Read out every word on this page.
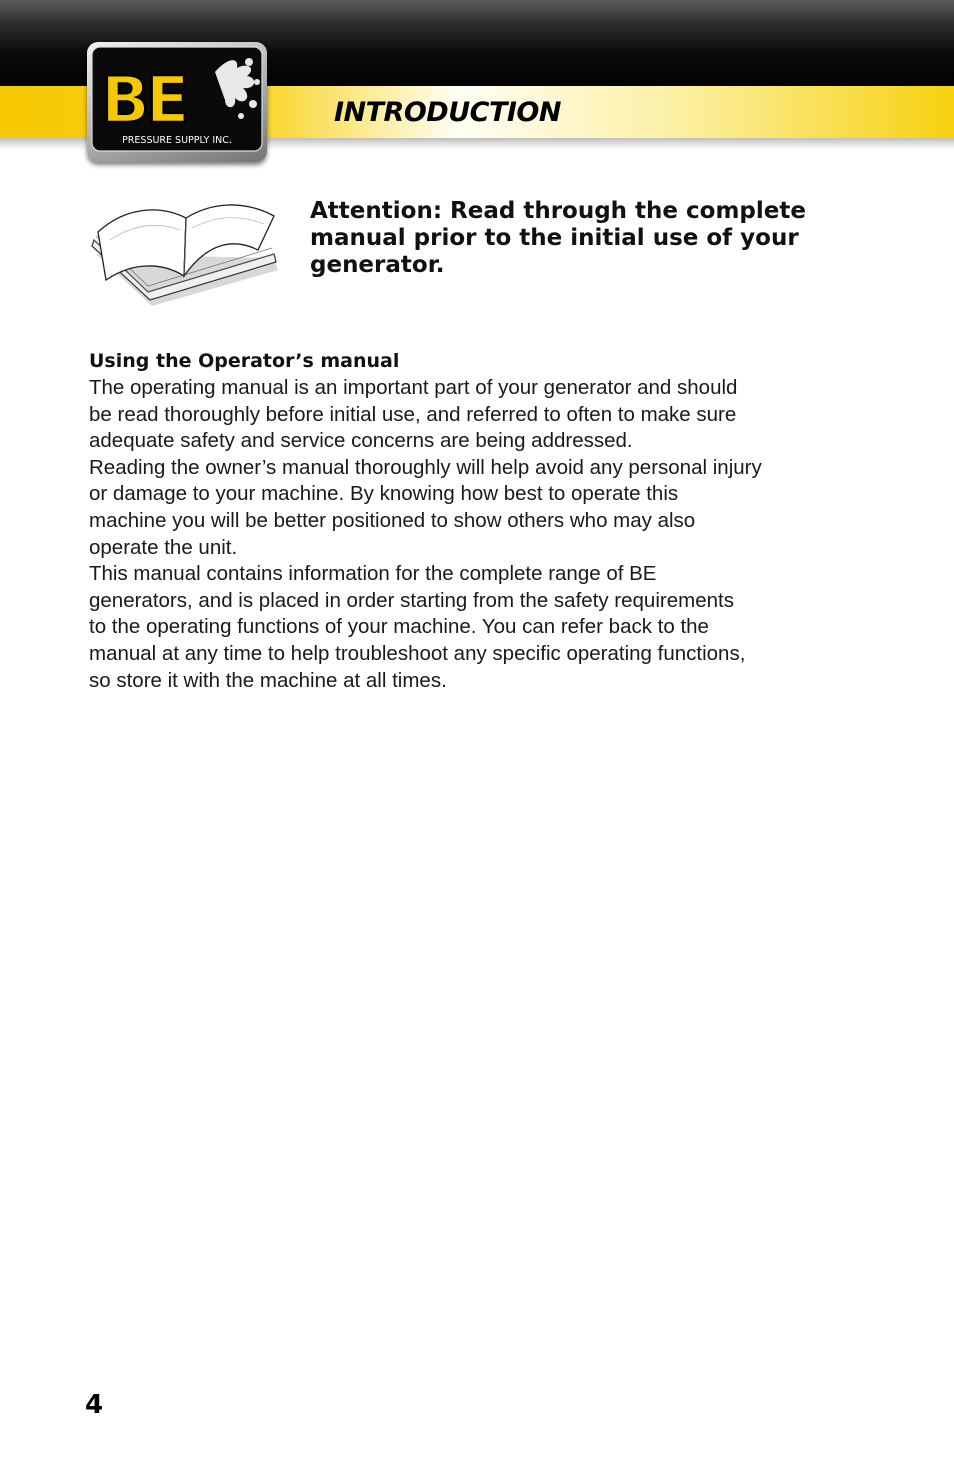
INTRODUCTION
BE
PRESSURE SUPPLY INC.

Attention: Read through the complete manual prior to the initial use of your generator.

Using the Operator’s manual

The operating manual is an important part of your generator and should
be read thoroughly before initial use, and referred to often to make sure
adequate safety and service concerns are being addressed.

Reading the owner’s manual thoroughly will help avoid any personal injury
or damage to your machine. By knowing how best to operate this
machine you will be better positioned to show others who may also
operate the unit.

This manual contains information for the complete range of BE
generators, and is placed in order starting from the safety requirements
to the operating functions of your machine. You can refer back to the
manual at any time to help troubleshoot any specific operating functions,
so store it with the machine at all times.

4
